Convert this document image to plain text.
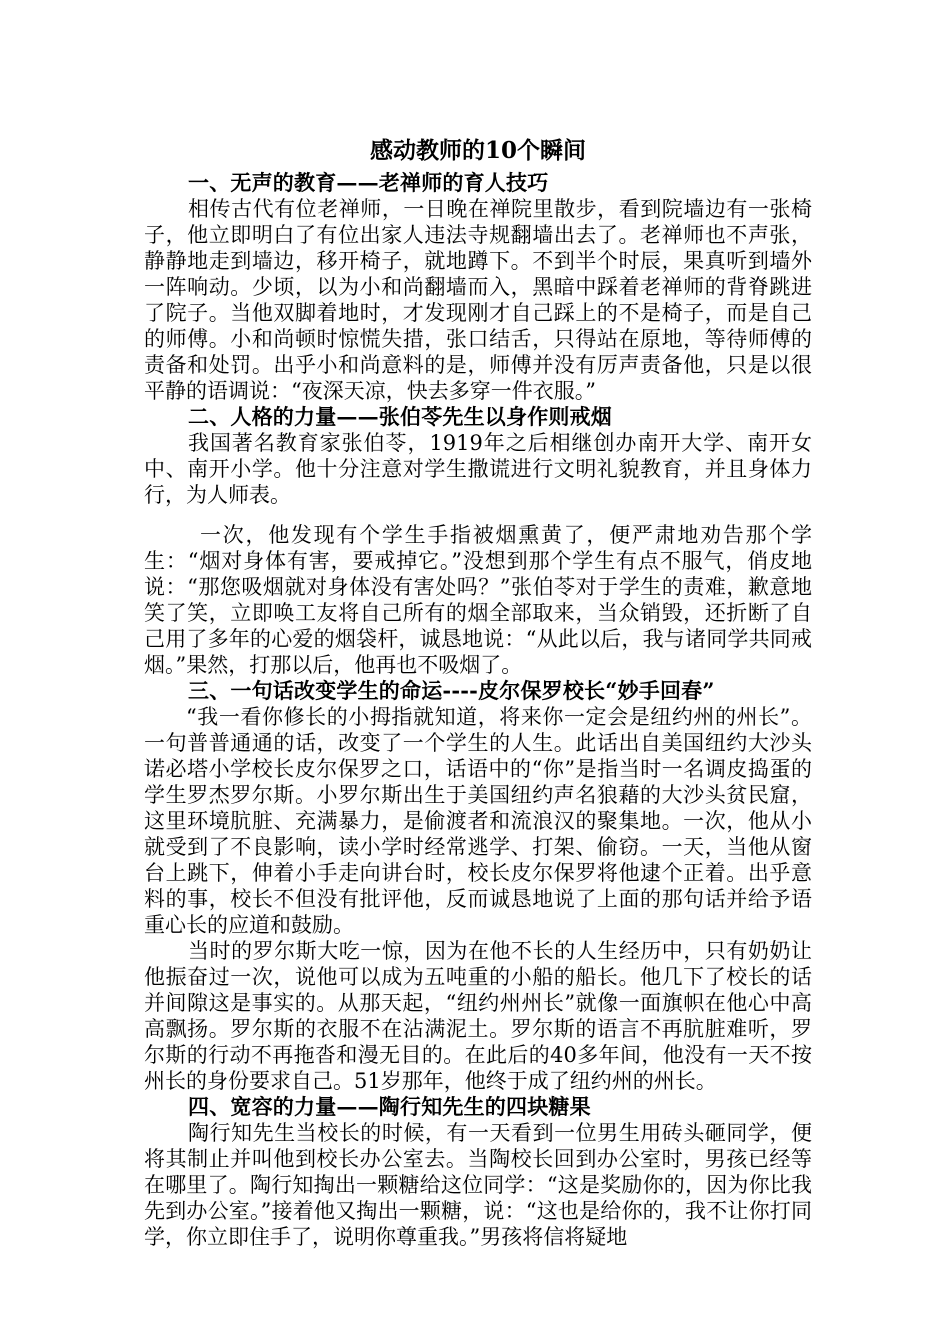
感动教师的10个瞬间
一、无声的教育——老禅师的育人技巧

相传古代有位老禅师，一日晚在禅院里散步，看到院墙边有一张椅子，他立即明白了有位出家人违法寺规翻墙出去了。老禅师也不声张，静静地走到墙边，移开椅子，就地蹲下。不到半个时辰，果真听到墙外一阵响动。少顷，以为小和尚翻墙而入，黑暗中踩着老禅师的背脊跳进了院子。当他双脚着地时，才发现刚才自己踩上的不是椅子，而是自己的师傅。小和尚顿时惊慌失措，张口结舌，只得站在原地，等待师傅的责备和处罚。出乎小和尚意料的是，师傅并没有厉声责备他，只是以很平静的语调说：“夜深天凉，快去多穿一件衣服。”

二、人格的力量——张伯苓先生以身作则戒烟

我国著名教育家张伯苓，1919年之后相继创办南开大学、南开女中、南开小学。他十分注意对学生撒谎进行文明礼貌教育，并且身体力行，为人师表。

一次，他发现有个学生手指被烟熏黄了，便严肃地劝告那个学生：“烟对身体有害，要戒掉它。”没想到那个学生有点不服气，俏皮地说：“那您吸烟就对身体没有害处吗？”张伯苓对于学生的责难，歉意地笑了笑，立即唤工友将自己所有的烟全部取来，当众销毁，还折断了自己用了多年的心爱的烟袋杆，诚恳地说：“从此以后，我与诸同学共同戒烟。”果然，打那以后，他再也不吸烟了。

三、一句话改变学生的命运----皮尔保罗校长“妙手回春”

“我一看你修长的小拇指就知道，将来你一定会是纽约州的州长”。一句普普通通的话，改变了一个学生的人生。此话出自美国纽约大沙头诺必塔小学校长皮尔保罗之口，话语中的“你”是指当时一名调皮捣蛋的学生罗杰罗尔斯。小罗尔斯出生于美国纽约声名狼藉的大沙头贫民窟，这里环境肮脏、充满暴力，是偷渡者和流浪汉的聚集地。一次，他从小就受到了不良影响，读小学时经常逃学、打架、偷窃。一天，当他从窗台上跳下，伸着小手走向讲台时，校长皮尔保罗将他逮个正着。出乎意料的事，校长不但没有批评他，反而诚恳地说了上面的那句话并给予语重心长的应道和鼓励。

当时的罗尔斯大吃一惊，因为在他不长的人生经历中，只有奶奶让他振奋过一次，说他可以成为五吨重的小船的船长。他几下了校长的话并间隙这是事实的。从那天起，“纽约州州长”就像一面旗帜在他心中高高飘扬。罗尔斯的衣服不在沾满泥土。罗尔斯的语言不再肮脏难听，罗尔斯的行动不再拖沓和漫无目的。在此后的40多年间，他没有一天不按州长的身份要求自己。51岁那年，他终于成了纽约州的州长。

四、宽容的力量——陶行知先生的四块糖果

陶行知先生当校长的时候，有一天看到一位男生用砖头砸同学，便将其制止并叫他到校长办公室去。当陶校长回到办公室时，男孩已经等在哪里了。陶行知掏出一颗糖给这位同学：“这是奖励你的，因为你比我先到办公室。”接着他又掏出一颗糖，说：“这也是给你的，我不让你打同学，你立即住手了，说明你尊重我。”男孩将信将疑地
